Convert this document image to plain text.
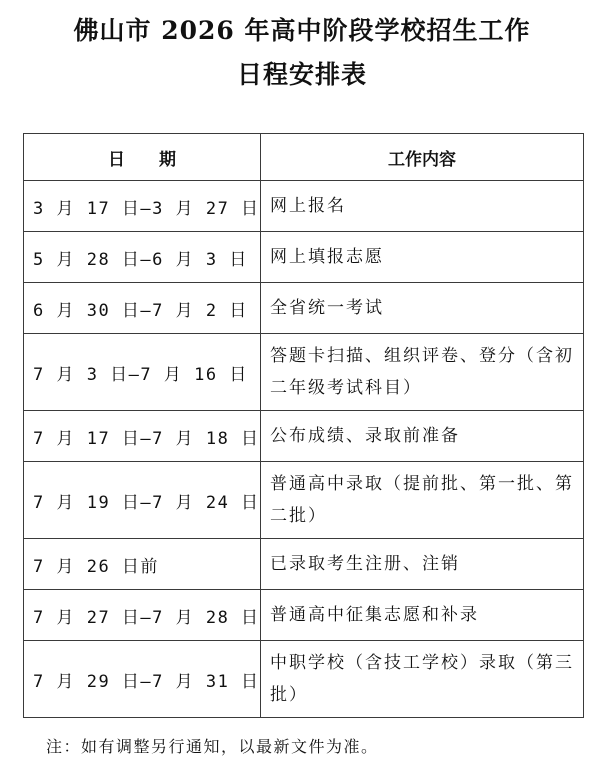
佛山市 2026 年高中阶段学校招生工作
日程安排表
日　　期	工作内容
3 月 17 日—3 月 27 日	网上报名
5 月 28 日—6 月 3 日	网上填报志愿
6 月 30 日—7 月 2 日	全省统一考试
7 月 3 日—7 月 16 日	答题卡扫描、组织评卷、登分（含初二年级考试科目）
7 月 17 日—7 月 18 日	公布成绩、录取前准备
7 月 19 日—7 月 24 日	普通高中录取（提前批、第一批、第二批）
7 月 26 日前	已录取考生注册、注销
7 月 27 日—7 月 28 日	普通高中征集志愿和补录
7 月 29 日—7 月 31 日	中职学校（含技工学校）录取（第三批）
注：如有调整另行通知，以最新文件为准。
